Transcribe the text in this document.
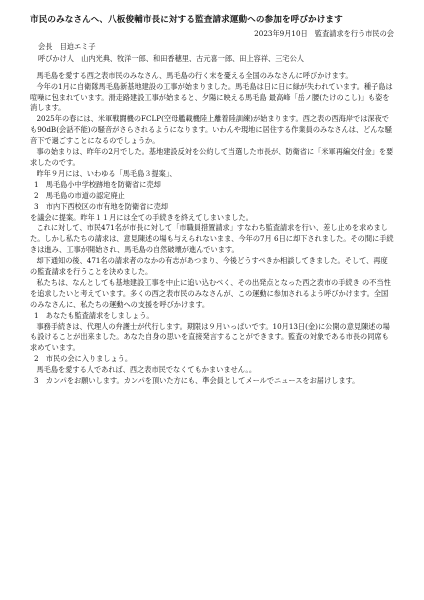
市民のみなさんへ、八板俊輔市長に対する監査請求運動への参加を呼びかけます

2023年9月10日　監査請求を行う市民の会
会長　目迫エミ子
呼びかけ人　山内光典、牧洋一郎、和田香穂里、古元喜一郎、田上容祥、三宅公人

馬毛島を愛する西之表市民のみなさん、馬毛島の行く末を憂える全国のみなさんに呼びかけます。

今年の1月に自衛隊馬毛島新基地建設の工事が始まりました。馬毛島は日に日に緑が失われています。種子島は喧噪に包まれています。滑走路建設工事が始まると、夕陽に映える馬毛島 最高峰「岳ノ腰(たけのこし)」も姿を消します。

2025年の春には、米軍戦闘機のFCLP(空母艦載機陸上離着陸訓練)が始まります。西之表の西海岸では深夜でも90dB(会話不能)の騒音がさらされるようになります。いわんや現地に居住する作業員のみなさんは、どんな騒音下で過ごすことになるのでしょうか。

事の始まりは、昨年の2月でした。基地建設反対を公約して当選した市長が、防衛省に「米軍再編交付金」を要求したのです。

昨年９月には、いわゆる「馬毛島３提案」、

1　馬毛島小中学校跡地を防衛省に売却

2　馬毛島の市道の認定廃止

3　市内下西校区の市有地を防衛省に売却

を議会に提案。昨年１１月には全ての手続きを終えてしまいました。

これに対して、市民471名が市長に対して「市職員措置請求」すなわち監査請求を行い、差し止めを求めました。しかし私たちの請求は、意見陳述の場も与えられないまま、今年の7月 6日に却下されました。その間に手続きは進み、工事が開始され、馬毛島の自然破壊が進んでいます。

却下通知の後、471名の請求者のなかの有志があつまり、今後どうすべきか相談してきました。そして、再度の監査請求を行うことを決めました。

私たちは、なんとしても基地建設工事を中止に追い込むべく、その出発点となった西之表市の手続き の不当性を追求したいと考えています。多くの西之表市民のみなさんが、この運動に参加されるよう呼びかけます。全国のみなさんに、私たちの運動への支援を呼びかけます。

1　あなたも監査請求をしましょう。

事務手続きは、代理人の弁護士が代行します。期限は９月いっぱいです。10月13日(金)に公開の意見陳述の場も設けることが出来ました。あなた自身の思いを直接発言することができます。監査の対象である市長の同席も求めています。

2　市民の会に入りましょう。

馬毛島を愛する人であれば、西之表市民でなくてもかまいません。。

3　カンパをお願いします。カンパを頂いた方にも、準会員としてメールでニュースをお届けします。
